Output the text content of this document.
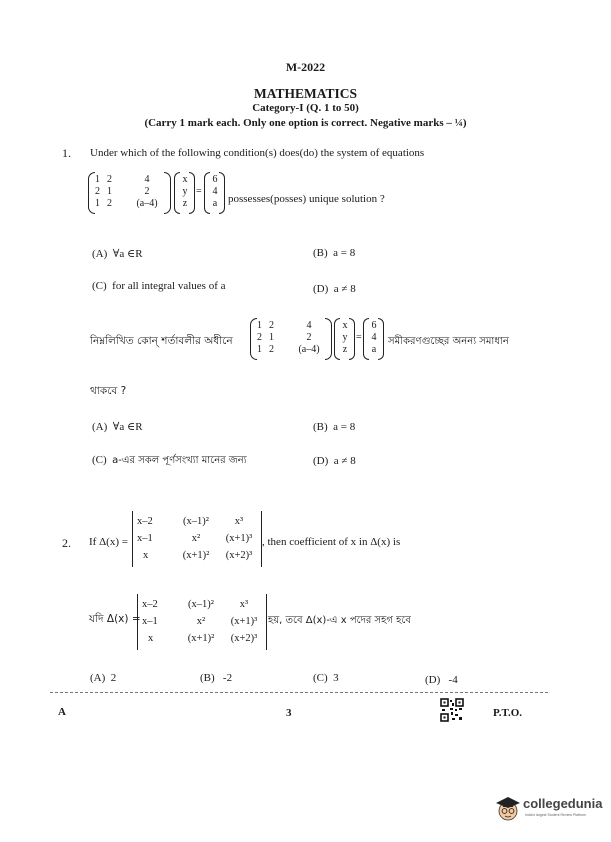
M-2022
MATHEMATICS
Category-I (Q. 1 to 50)
(Carry 1 mark each. Only one option is correct. Negative marks – ¼)
1. Under which of the following condition(s) does(do) the system of equations
1 2	4
2 1	2
1 2 (a–4)
x
y
z
=
6
4
a possesses(posses) unique solution ?
(A) ∀a ∈R	(B) a = 8
(C) for all integral values of a	(D) a ≠ 8
নিম্নলিখিত কোন্ শর্তাবলীর অধীনে
1 2	4
2 1	2
1 2 (a–4)
x
y
z
=
6
4
a
সমীকরণগুচ্ছের অনন্য সমাধান
থাকবে ?
(A) ∀a ∈R	(B) a = 8
(C) a-এর সকল পূর্ণসংখ্যা মানের জন্য	(D) a ≠ 8
2. If Δ(x) =
x–2	(x–1)² x³
x–1	x² (x+1)³
x	(x+1)² (x+2)³
, then coefficient of x in Δ(x) is
যদি Δ(x) =
x–2	(x–1)² x³
x–1	x² (x+1)³
x	(x+1)² (x+2)³
হয়, তবে Δ(x)-এ x পদের সহগ হবে
(A) 2	(B) -2	(C) 3	(D) -4
A	3	P.T.O.
collegedunia
India's largest Student Review Platform
